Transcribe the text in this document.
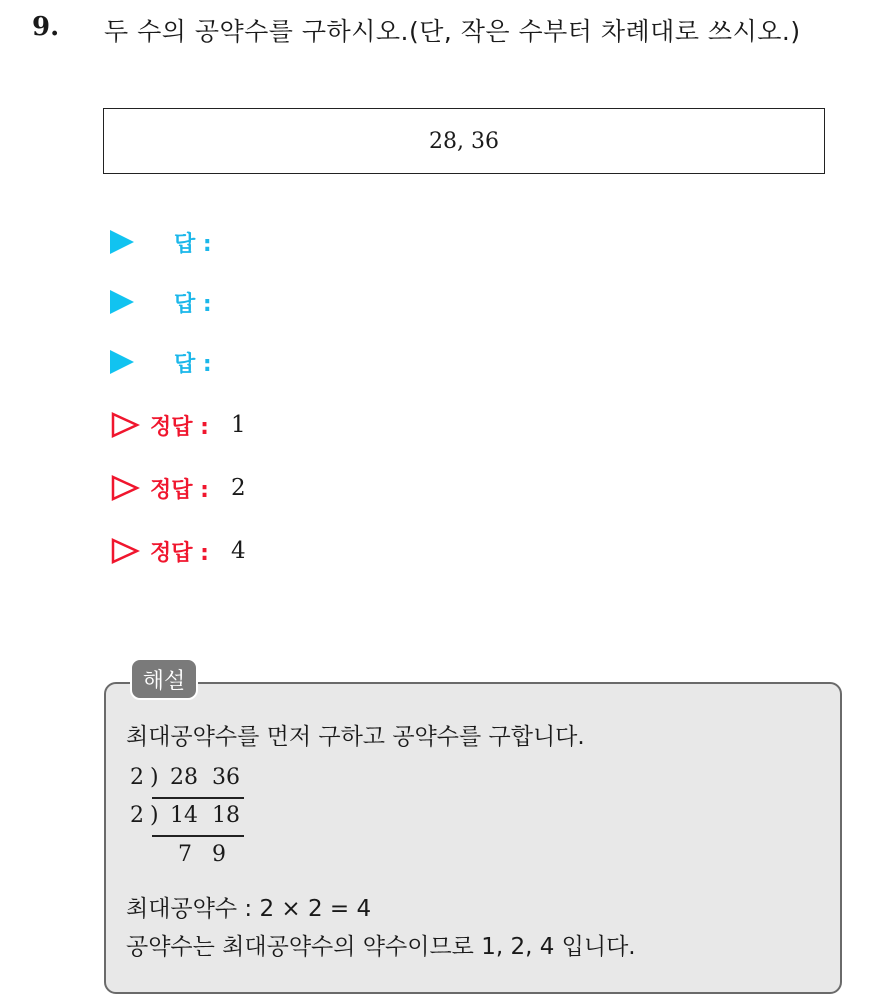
9. 두 수의 공약수를 구하시오.(단, 작은 수부터 차례대로 쓰시오.)
28, 36
답 :
답 :
답 :
정답 : 1
정답 : 2
정답 : 4
해설
최대공약수를 먼저 구하고 공약수를 구합니다.
2 ) 28 36
2 ) 14 18
7 9
최대공약수 : 2 × 2 = 4
공약수는 최대공약수의 약수이므로 1, 2, 4 입니다.
